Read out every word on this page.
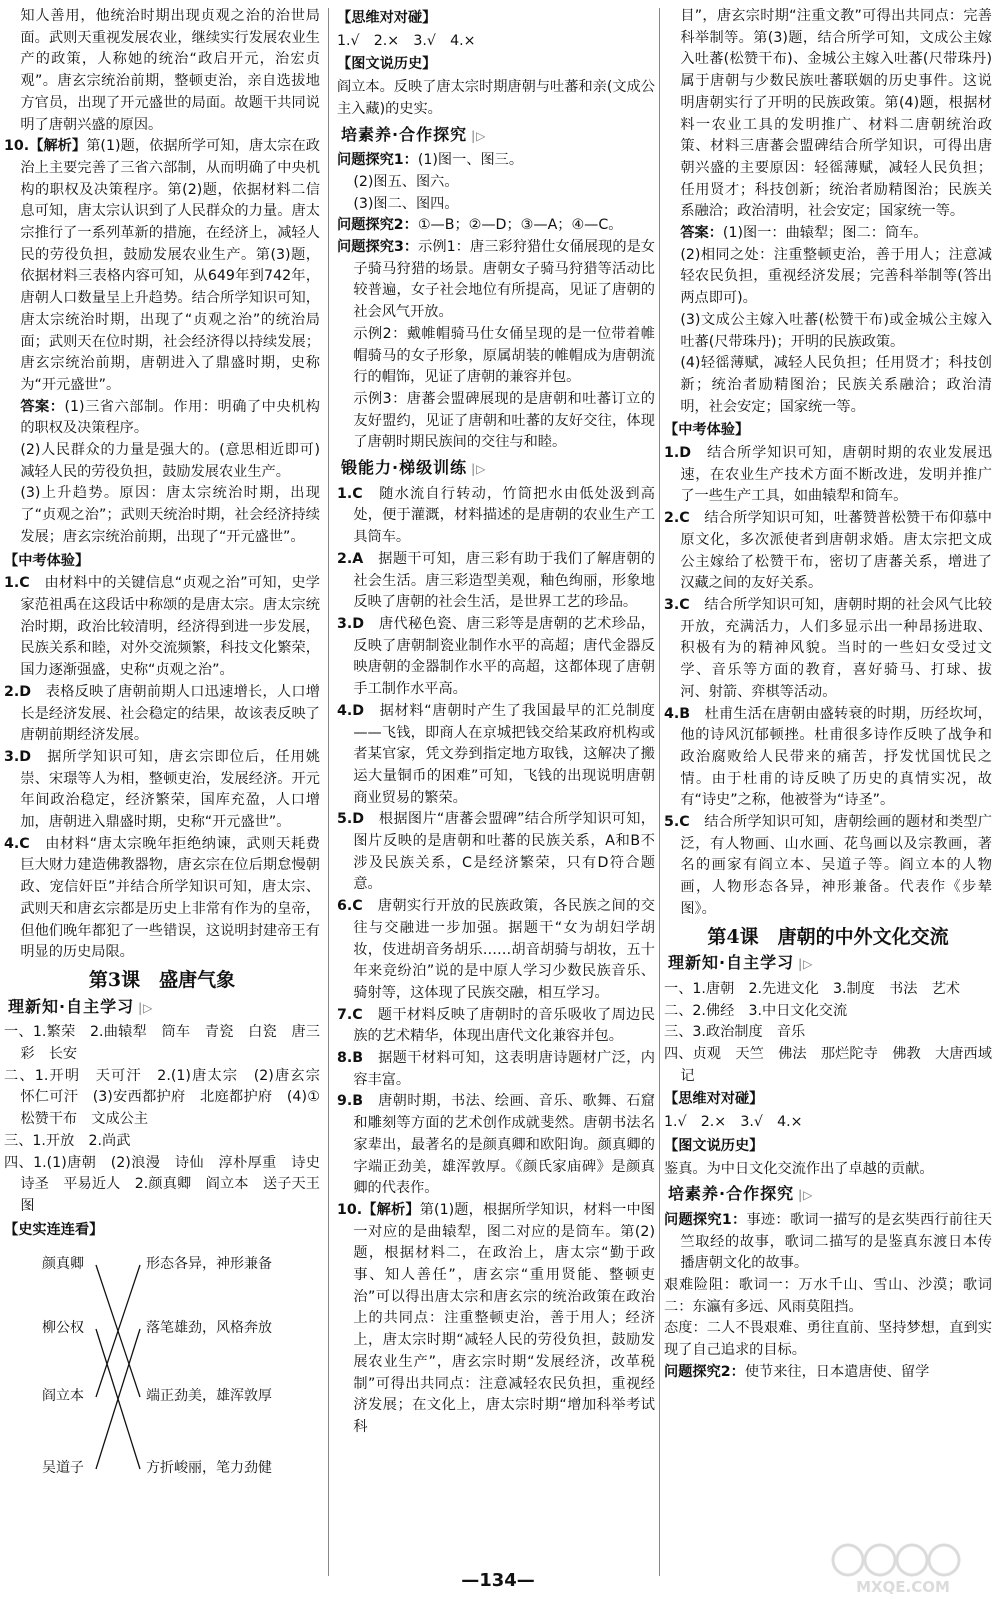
知人善用，他统治时期出现贞观之治的治世局面。武则天重视发展农业，继续实行发展农业生产的政策，人称她的统治“政启开元，治宏贞观”。唐玄宗统治前期，整顿吏治，亲自选拔地方官员，出现了开元盛世的局面。故题干共同说明了唐朝兴盛的原因。

10.【解析】第(1)题，依据所学可知，唐太宗在政治上主要完善了三省六部制，从而明确了中央机构的职权及决策程序。第(2)题，依据材料二信息可知，唐太宗认识到了人民群众的力量。唐太宗推行了一系列革新的措施，在经济上，减轻人民的劳役负担，鼓励发展农业生产。第(3)题，依据材料三表格内容可知，从649年到742年，唐朝人口数量呈上升趋势。结合所学知识可知，唐太宗统治时期，出现了“贞观之治”的统治局面；武则天在位时期，社会经济得以持续发展；唐玄宗统治前期，唐朝进入了鼎盛时期，史称为“开元盛世”。

答案：(1)三省六部制。作用：明确了中央机构的职权及决策程序。

(2)人民群众的力量是强大的。(意思相近即可)减轻人民的劳役负担，鼓励发展农业生产。

(3)上升趋势。原因：唐太宗统治时期，出现了“贞观之治”；武则天统治时期，社会经济持续发展；唐玄宗统治前期，出现了“开元盛世”。

【中考体验】

1.C　由材料中的关键信息“贞观之治”可知，史学家范祖禹在这段话中称颂的是唐太宗。唐太宗统治时期，政治比较清明，经济得到进一步发展，民族关系和睦，对外交流频繁，科技文化繁荣，国力逐渐强盛，史称“贞观之治”。

2.D　表格反映了唐朝前期人口迅速增长，人口增长是经济发展、社会稳定的结果，故该表反映了唐朝前期经济发展。

3.D　据所学知识可知，唐玄宗即位后，任用姚崇、宋璟等人为相，整顿吏治，发展经济。开元年间政治稳定，经济繁荣，国库充盈，人口增加，唐朝进入鼎盛时期，史称“开元盛世”。

4.C　由材料“唐太宗晚年拒绝纳谏，武则天耗费巨大财力建造佛教器物，唐玄宗在位后期怠慢朝政、宠信奸臣”并结合所学知识可知，唐太宗、武则天和唐玄宗都是历史上非常有作为的皇帝，但他们晚年都犯了一些错误，这说明封建帝王有明显的历史局限。

第3课　盛唐气象

理新知·自主学习 |▷

一、1.繁荣　2.曲辕犁　筒车　青瓷　白瓷　唐三彩　长安

二、1.开明　天可汗　2.(1)唐太宗　(2)唐玄宗　怀仁可汗　(3)安西都护府　北庭都护府　(4)①松赞干布　文成公主

三、1.开放　2.尚武

四、1.(1)唐朝　(2)浪漫　诗仙　淳朴厚重　诗史　诗圣　平易近人　2.颜真卿　阎立本　送子天王图

【史实连连看】

颜真卿
柳公权
阎立本
吴道子
形态各异，神形兼备
落笔雄劲，风格奔放
端正劲美，雄浑敦厚
方折峻丽，笔力劲健

【思维对对碰】

1.√　2.×　3.√　4.×

【图文说历史】

阎立本。反映了唐太宗时期唐朝与吐蕃和亲(文成公主入藏)的史实。

培素养·合作探究 |▷

问题探究1：(1)图一、图三。

(2)图五、图六。

(3)图二、图四。

问题探究2：①—B；②—D；③—A；④—C。

问题探究3：示例1：唐三彩狩猎仕女俑展现的是女子骑马狩猎的场景。唐朝女子骑马狩猎等活动比较普遍，女子社会地位有所提高，见证了唐朝的社会风气开放。

示例2：戴帷帽骑马仕女俑呈现的是一位带着帷帽骑马的女子形象，原属胡装的帷帽成为唐朝流行的帽饰，见证了唐朝的兼容并包。

示例3：唐蕃会盟碑展现的是唐朝和吐蕃订立的友好盟约，见证了唐朝和吐蕃的友好交往，体现了唐朝时期民族间的交往与和睦。

锻能力·梯级训练 |▷

1.C　随水流自行转动，竹筒把水由低处汲到高处，便于灌溉，材料描述的是唐朝的农业生产工具筒车。

2.A　据题干可知，唐三彩有助于我们了解唐朝的社会生活。唐三彩造型美观，釉色绚丽，形象地反映了唐朝的社会生活，是世界工艺的珍品。

3.D　唐代秘色瓷、唐三彩等是唐朝的艺术珍品，反映了唐朝制瓷业制作水平的高超；唐代金器反映唐朝的金器制作水平的高超，这都体现了唐朝手工制作水平高。

4.D　据材料“唐朝时产生了我国最早的汇兑制度——飞钱，即商人在京城把钱交给某政府机构或者某官家，凭文券到指定地方取钱，这解决了搬运大量铜币的困难”可知，飞钱的出现说明唐朝商业贸易的繁荣。

5.D　根据图片“唐蕃会盟碑”结合所学知识可知，图片反映的是唐朝和吐蕃的民族关系，A和B不涉及民族关系，C是经济繁荣，只有D符合题意。

6.C　唐朝实行开放的民族政策，各民族之间的交往与交融进一步加强。据题干“女为胡妇学胡妆，伎进胡音务胡乐……胡音胡骑与胡妆，五十年来竞纷泊”说的是中原人学习少数民族音乐、骑射等，这体现了民族交融，相互学习。

7.C　题干材料反映了唐朝时的音乐吸收了周边民族的艺术精华，体现出唐代文化兼容并包。

8.B　据题干材料可知，这表明唐诗题材广泛，内容丰富。

9.B　唐朝时期，书法、绘画、音乐、歌舞、石窟和雕刻等方面的艺术创作成就斐然。唐朝书法名家辈出，最著名的是颜真卿和欧阳询。颜真卿的字端正劲美，雄浑敦厚。《颜氏家庙碑》是颜真卿的代表作。

10.【解析】第(1)题，根据所学知识，材料一中图一对应的是曲辕犁，图二对应的是筒车。第(2)题，根据材料二，在政治上，唐太宗“勤于政事、知人善任”，唐玄宗“重用贤能、整顿吏治”可以得出唐太宗和唐玄宗的统治政策在政治上的共同点：注重整顿吏治，善于用人；经济上，唐太宗时期“减轻人民的劳役负担，鼓励发展农业生产”，唐玄宗时期“发展经济，改革税制”可得出共同点：注意减轻农民负担，重视经济发展；在文化上，唐太宗时期“增加科举考试科

目”，唐玄宗时期“注重文教”可得出共同点：完善科举制等。第(3)题，结合所学可知，文成公主嫁入吐蕃(松赞干布)、金城公主嫁入吐蕃(尺带珠丹)属于唐朝与少数民族吐蕃联姻的历史事件。这说明唐朝实行了开明的民族政策。第(4)题，根据材料一农业工具的发明推广、材料二唐朝统治政策、材料三唐蕃会盟碑结合所学知识，可得出唐朝兴盛的主要原因：轻徭薄赋，减轻人民负担；任用贤才；科技创新；统治者励精图治；民族关系融洽；政治清明，社会安定；国家统一等。

答案：(1)图一：曲辕犁；图二：筒车。

(2)相同之处：注重整顿吏治，善于用人；注意减轻农民负担，重视经济发展；完善科举制等(答出两点即可)。

(3)文成公主嫁入吐蕃(松赞干布)或金城公主嫁入吐蕃(尺带珠丹)；开明的民族政策。

(4)轻徭薄赋，减轻人民负担；任用贤才；科技创新；统治者励精图治；民族关系融洽；政治清明，社会安定；国家统一等。

【中考体验】

1.D　结合所学知识可知，唐朝时期的农业发展迅速，在农业生产技术方面不断改进，发明并推广了一些生产工具，如曲辕犁和筒车。

2.C　结合所学知识可知，吐蕃赞普松赞干布仰慕中原文化，多次派使者到唐朝求婚。唐太宗把文成公主嫁给了松赞干布，密切了唐蕃关系，增进了汉藏之间的友好关系。

3.C　结合所学知识可知，唐朝时期的社会风气比较开放，充满活力，人们多显示出一种昂扬进取、积极有为的精神风貌。当时的一些妇女受过文学、音乐等方面的教育，喜好骑马、打球、拔河、射箭、弈棋等活动。

4.B　杜甫生活在唐朝由盛转衰的时期，历经坎坷，他的诗风沉郁顿挫。杜甫很多诗作反映了战争和政治腐败给人民带来的痛苦，抒发忧国忧民之情。由于杜甫的诗反映了历史的真情实况，故有“诗史”之称，他被誉为“诗圣”。

5.C　结合所学知识可知，唐朝绘画的题材和类型广泛，有人物画、山水画、花鸟画以及宗教画，著名的画家有阎立本、吴道子等。阎立本的人物画，人物形态各异，神形兼备。代表作《步辇图》。

第4课　唐朝的中外文化交流

理新知·自主学习 |▷

一、1.唐朝　2.先进文化　3.制度　书法　艺术

二、2.佛经　3.中日文化交流

三、3.政治制度　音乐

四、贞观　天竺　佛法　那烂陀寺　佛教　大唐西域记

【思维对对碰】

1.√　2.×　3.√　4.×

【图文说历史】

鉴真。为中日文化交流作出了卓越的贡献。

培素养·合作探究 |▷

问题探究1：事迹：歌词一描写的是玄奘西行前往天竺取经的故事，歌词二描写的是鉴真东渡日本传播唐朝文化的故事。

艰难险阻：歌词一：万水千山、雪山、沙漠；歌词二：东瀛有多远、风雨莫阻挡。

态度：二人不畏艰难、勇往直前、坚持梦想，直到实现了自己追求的目标。

问题探究2：使节来往，日本遣唐使、留学

—134—	MXQE.COM
